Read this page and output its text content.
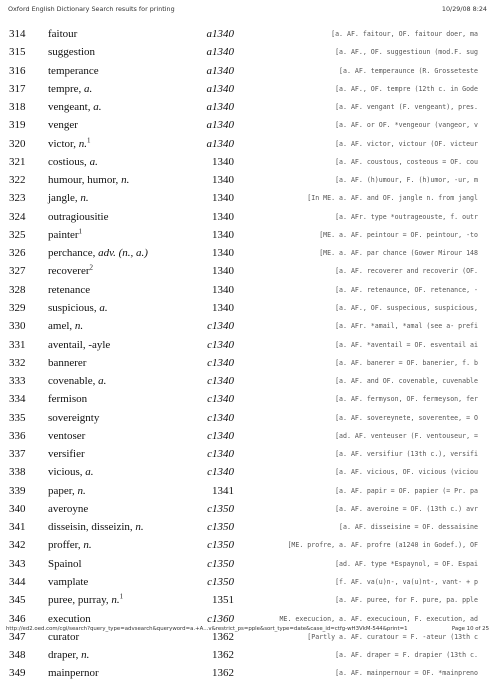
Oxford English Dictionary Search results for printing	10/29/08 8:24
314	faitour	a1340	[a. AF. faitour, OF. faitour doer, ma
315	suggestion	a1340	[a. AF., OF. suggestioun (mod.F. sug
316	temperance	a1340	[a. AF. temperaunce (R. Grosseteste
317	tempre, a.	a1340	[a. AF., OF. tempre (12th c. in Gode
318	vengeant, a.	a1340	[a. AF. vengant (F. vengeant), pres.
319	venger	a1340	[a. AF. or OF. *vengeour (vangeor, v
320	victor, n.$^1$	a1340	[a. AF. victor, victour (OF. victeur
321	costious, a.	1340	[a. AF. coustous, costeous = OF. cou
322	humour, humor, n.	1340	[a. AF. (h)umour, F. (h)umor, -ur, m
323	jangle, n.	1340	[In ME. a. AF. and OF. jangle n. from jangl
324	outragiousitie	1340	[a. AFr. type *outrageouste, f. outr
325	painter$^1$	1340	[ME. a. AF. peintour = OF. peintour, -to
326	perchance, adv. (n., a.)	1340	[ME. a. AF. par chance (Gower Mirour 148
327	recoverer$^2$	1340	[a. AF. recoverer and recoverir (OF.
328	retenance	1340	[a. AF. retenaunce, OF. retenance, -
329	suspicious, a.	1340	[a. AF., OF. suspecious, suspicious,
330	amel, n.	c1340	[a. AFr. *amail, *amal (see a- prefi
331	aventail, -ayle	c1340	[a. AF. *aventail = OF. esventail ai
332	bannerer	c1340	[a. AF. banerer = OF. banerier, f. b
333	covenable, a.	c1340	[a. AF. and OF. covenable, cuvenable
334	fermison	c1340	[a. AF. fermyson, OF. fermeyson, fer
335	sovereignty	c1340	[a. AF. sovereynete, soverentee, = O
336	ventoser	c1340	[ad. AF. venteuser (F. ventouseur, =
337	versifier	c1340	[a. AF. versifiur (13th c.), versifi
338	vicious, a.	c1340	[a. AF. vicious, OF. vicious (viciou
339	paper, n.	1341	[a. AF. papir = OF. papier (= Pr. pa
340	averoyne	c1350	[a. AF. averoine = OF. (13th c.) avr
341	disseisin, disseizin, n.	c1350	[a. AF. disseisine = OF. dessaisine
342	proffer, n.	c1350	[ME. profre, a. AF. profre (a1240 in Godef.), OF
343	Spainol	c1350	[ad. AF. type *Espaynol, = OF. Espai
344	vamplate	c1350	[f. AF. va(u)n-, va(u)nt-, vant- + p
345	puree, purray, n.$^1$	1351	[a. AF. puree, for F. pure, pa. pple
346	execution	c1360	ME. execucion, a. AF. execucioun, F. execution, ad
347	curator	1362	[Partly a. AF. curatour = F. -ateur (13th c
348	draper, n.	1362	[a. AF. draper = F. drapier (13th c.
349	mainpernor	1362	[a. AF. mainpernour = OF. *mainpreno
http://ed2.oed.com/cgi/search?query_type=advsearch&queryword=a.+A...v&restrict_ps=pple&sort_type=date&case_id=ctfg-wH3VkM-544&print=1	Page 10 of 25
